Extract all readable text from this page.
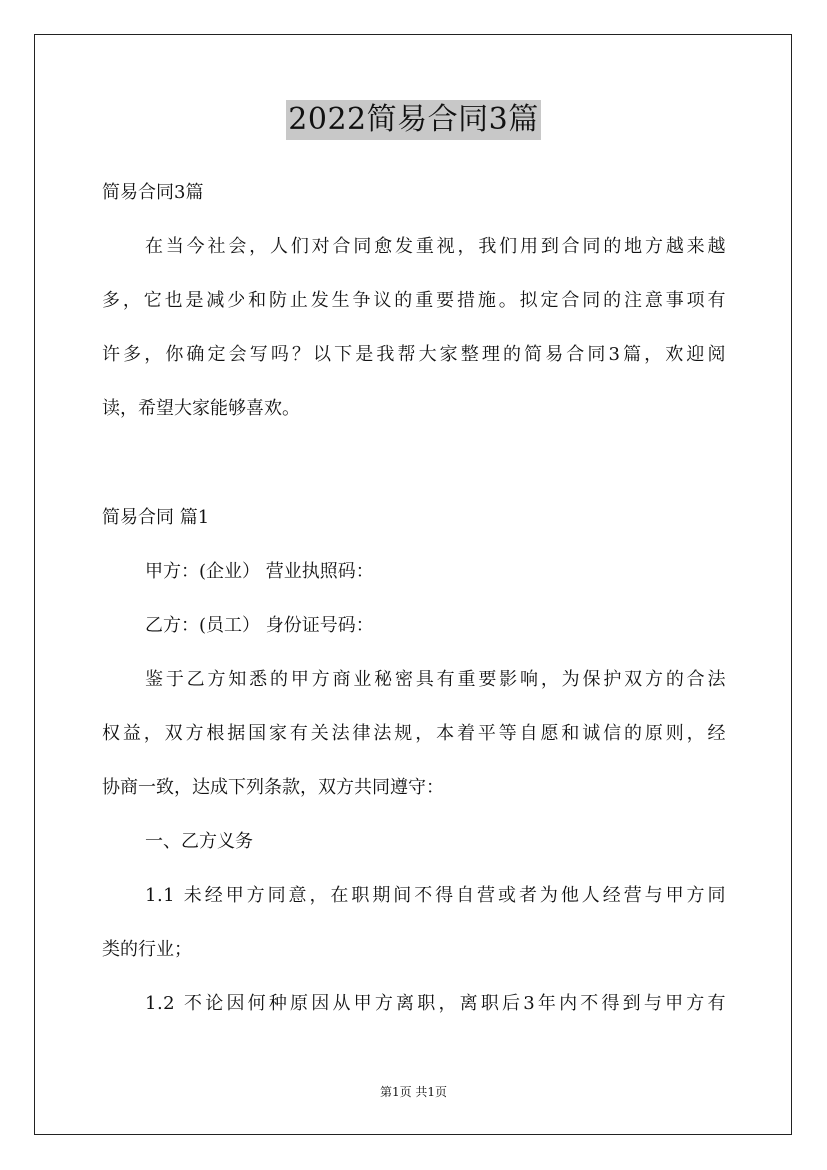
2022简易合同3篇
简易合同3篇
在当今社会，人们对合同愈发重视，我们用到合同的地方越来越
多，它也是减少和防止发生争议的重要措施。拟定合同的注意事项有
许多，你确定会写吗？以下是我帮大家整理的简易合同3篇，欢迎阅
读，希望大家能够喜欢。
简易合同 篇1
甲方：(企业） 营业执照码：
乙方：(员工） 身份证号码：
鉴于乙方知悉的甲方商业秘密具有重要影响，为保护双方的合法
权益，双方根据国家有关法律法规，本着平等自愿和诚信的原则，经
协商一致，达成下列条款，双方共同遵守：
一、乙方义务
1.1 未经甲方同意，在职期间不得自营或者为他人经营与甲方同
类的行业；
1.2 不论因何种原因从甲方离职，离职后3年内不得到与甲方有
第1页 共1页
